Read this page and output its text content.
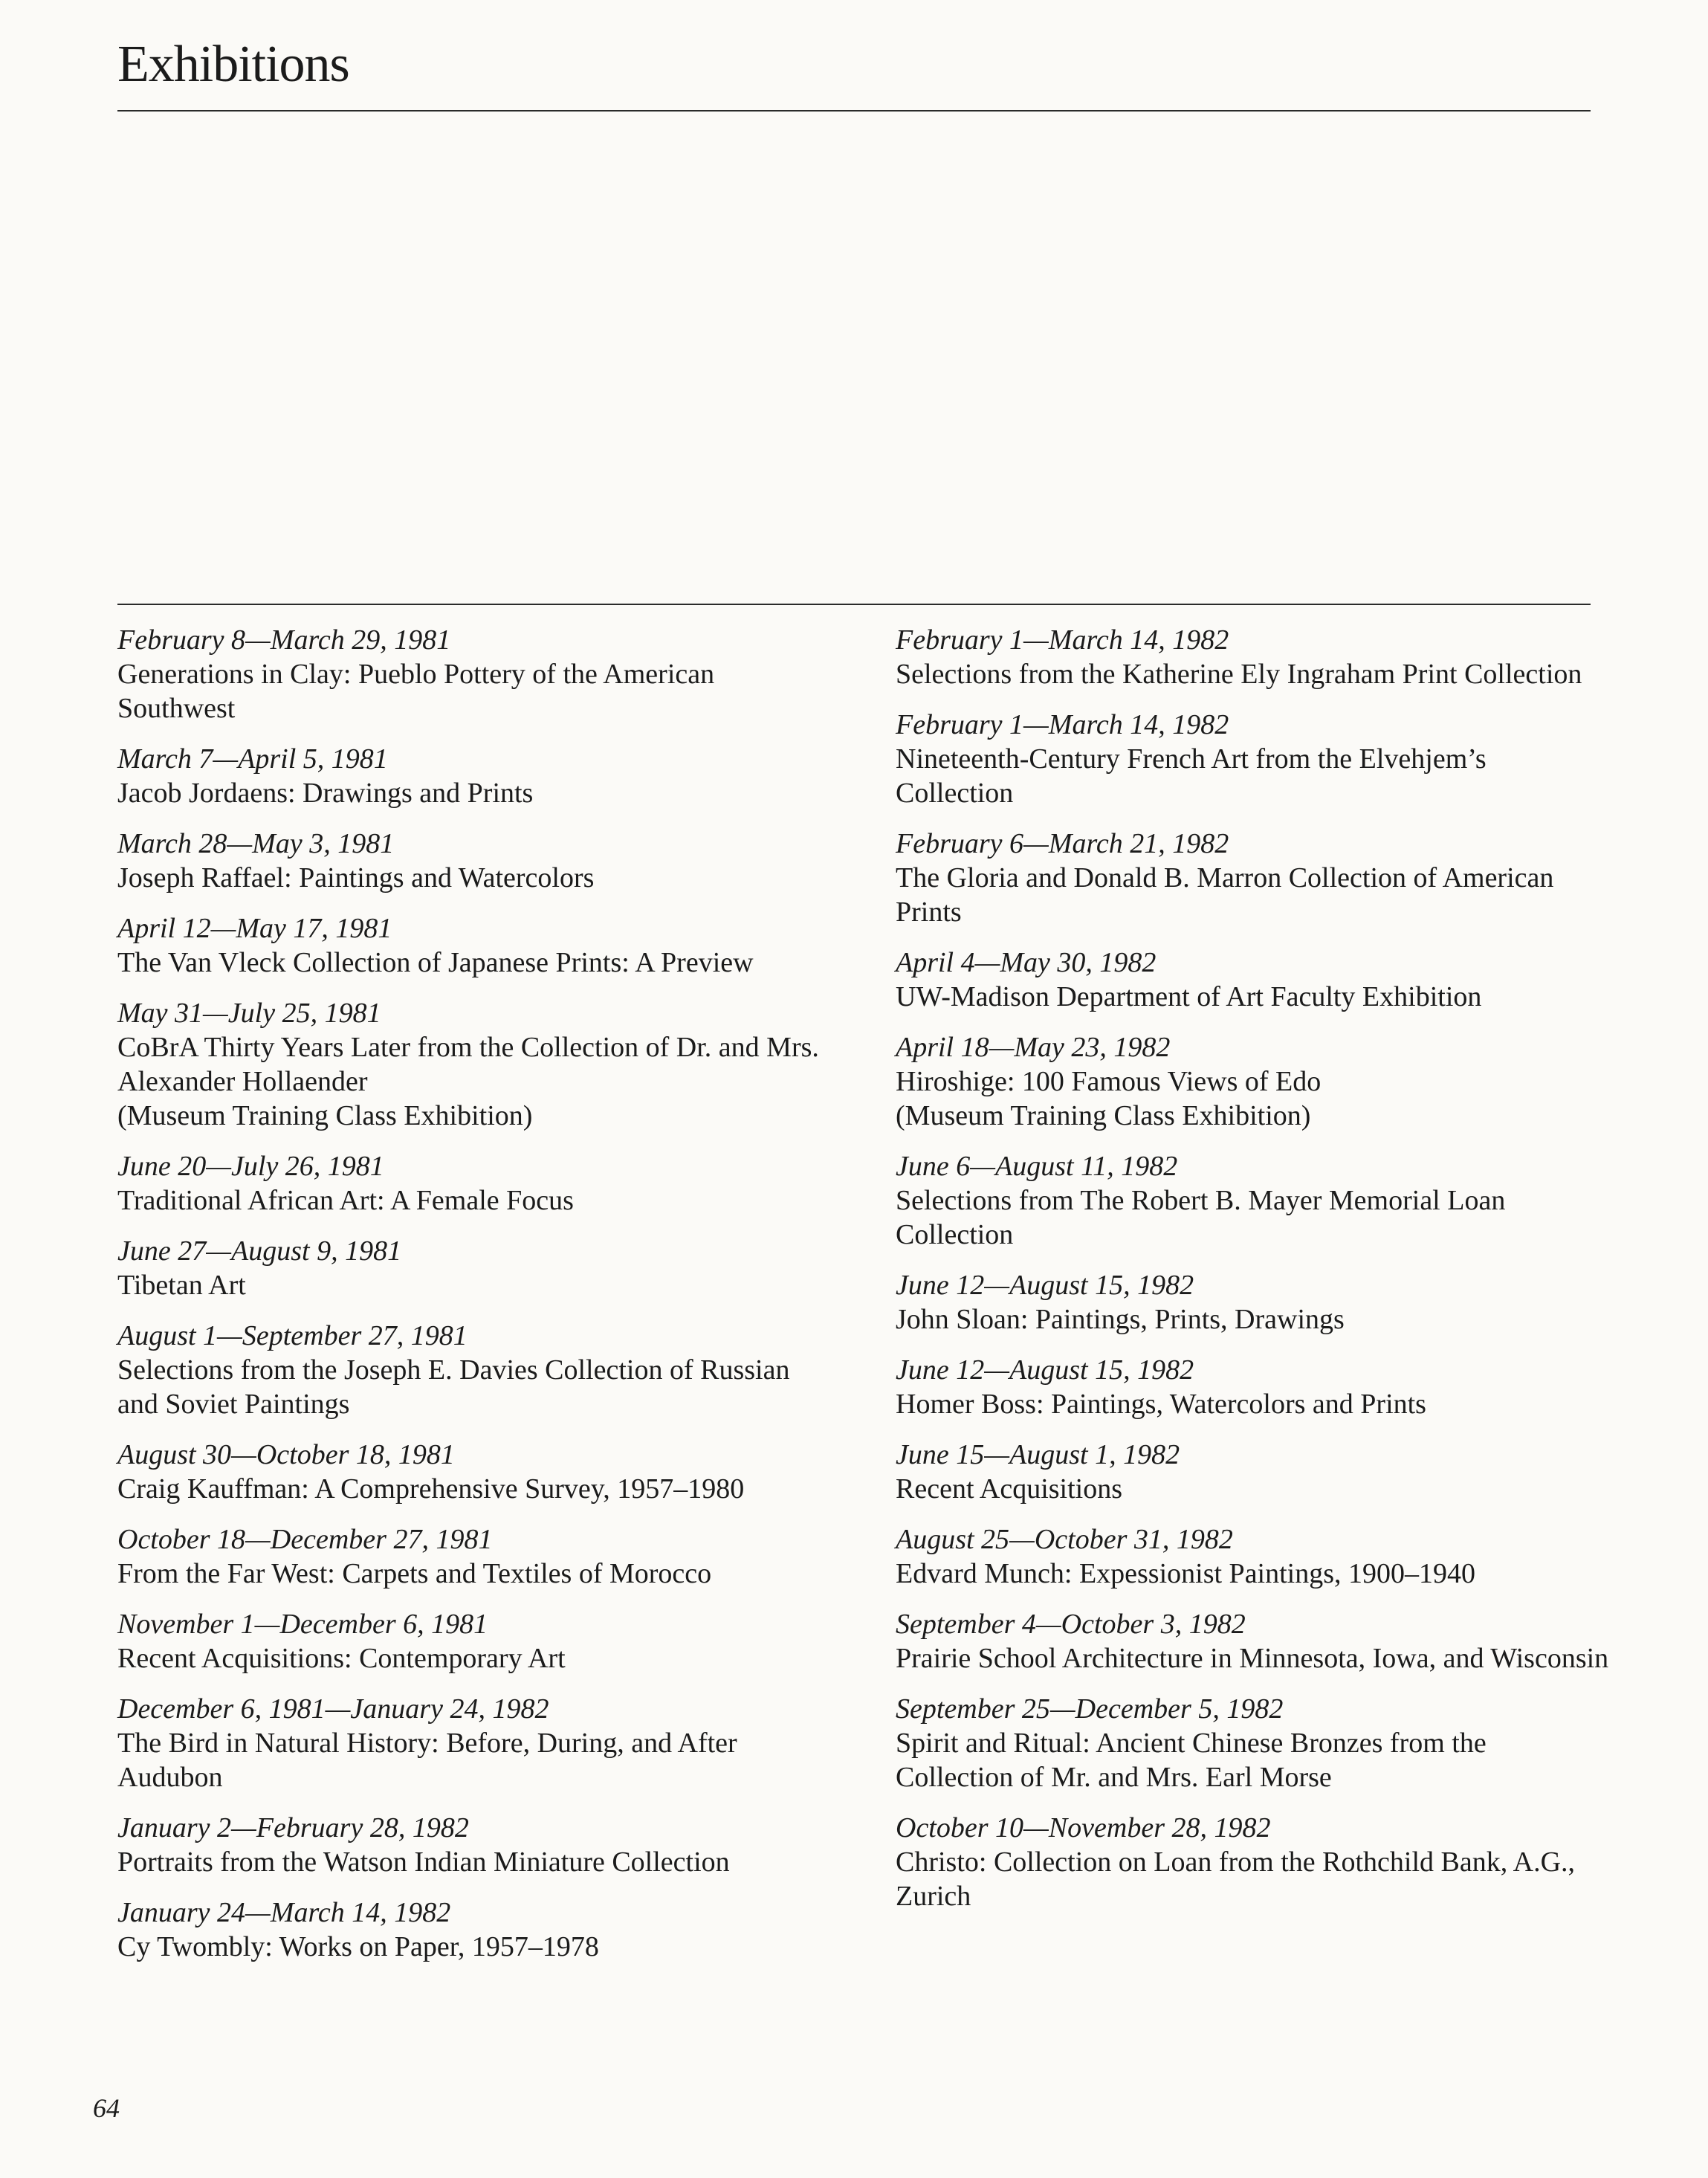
Exhibitions
February 8—March 29, 1981
Generations in Clay: Pueblo Pottery of the American Southwest
March 7—April 5, 1981
Jacob Jordaens: Drawings and Prints
March 28—May 3, 1981
Joseph Raffael: Paintings and Watercolors
April 12—May 17, 1981
The Van Vleck Collection of Japanese Prints: A Preview
May 31—July 25, 1981
CoBrA Thirty Years Later from the Collection of Dr. and Mrs. Alexander Hollaender
(Museum Training Class Exhibition)
June 20—July 26, 1981
Traditional African Art: A Female Focus
June 27—August 9, 1981
Tibetan Art
August 1—September 27, 1981
Selections from the Joseph E. Davies Collection of Russian and Soviet Paintings
August 30—October 18, 1981
Craig Kauffman: A Comprehensive Survey, 1957–1980
October 18—December 27, 1981
From the Far West: Carpets and Textiles of Morocco
November 1—December 6, 1981
Recent Acquisitions: Contemporary Art
December 6, 1981—January 24, 1982
The Bird in Natural History: Before, During, and After Audubon
January 2—February 28, 1982
Portraits from the Watson Indian Miniature Collection
January 24—March 14, 1982
Cy Twombly: Works on Paper, 1957–1978
February 1—March 14, 1982
Selections from the Katherine Ely Ingraham Print Collection
February 1—March 14, 1982
Nineteenth-Century French Art from the Elvehjem’s Collection
February 6—March 21, 1982
The Gloria and Donald B. Marron Collection of American Prints
April 4—May 30, 1982
UW-Madison Department of Art Faculty Exhibition
April 18—May 23, 1982
Hiroshige: 100 Famous Views of Edo
(Museum Training Class Exhibition)
June 6—August 11, 1982
Selections from The Robert B. Mayer Memorial Loan Collection
June 12—August 15, 1982
John Sloan: Paintings, Prints, Drawings
June 12—August 15, 1982
Homer Boss: Paintings, Watercolors and Prints
June 15—August 1, 1982
Recent Acquisitions
August 25—October 31, 1982
Edvard Munch: Expessionist Paintings, 1900–1940
September 4—October 3, 1982
Prairie School Architecture in Minnesota, Iowa, and Wisconsin
September 25—December 5, 1982
Spirit and Ritual: Ancient Chinese Bronzes from the Collection of Mr. and Mrs. Earl Morse
October 10—November 28, 1982
Christo: Collection on Loan from the Rothchild Bank, A.G., Zurich
64
